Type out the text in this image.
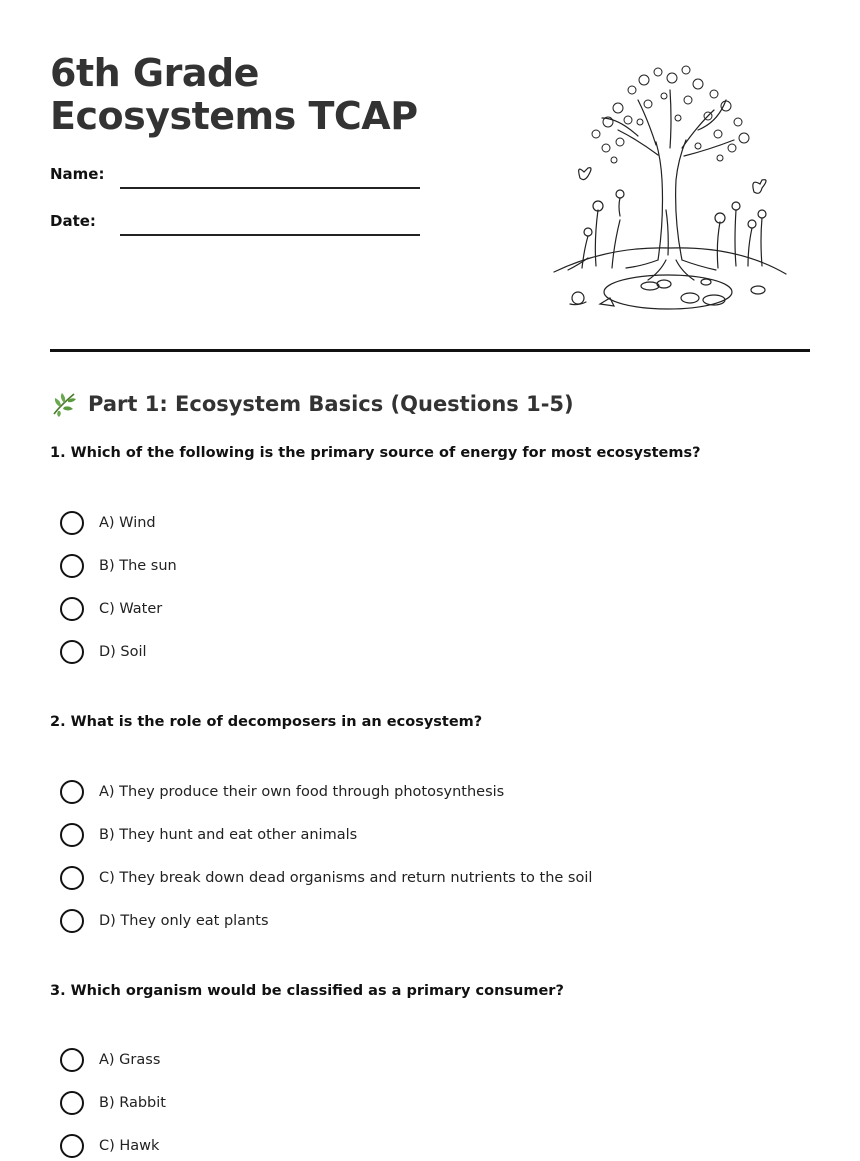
6th Grade Ecosystems TCAP
Name:
Date:
Part 1: Ecosystem Basics (Questions 1-5)
1. Which of the following is the primary source of energy for most ecosystems?
A) Wind
B) The sun
C) Water
D) Soil
2. What is the role of decomposers in an ecosystem?
A) They produce their own food through photosynthesis
B) They hunt and eat other animals
C) They break down dead organisms and return nutrients to the soil
D) They only eat plants
3. Which organism would be classified as a primary consumer?
A) Grass
B) Rabbit
C) Hawk
